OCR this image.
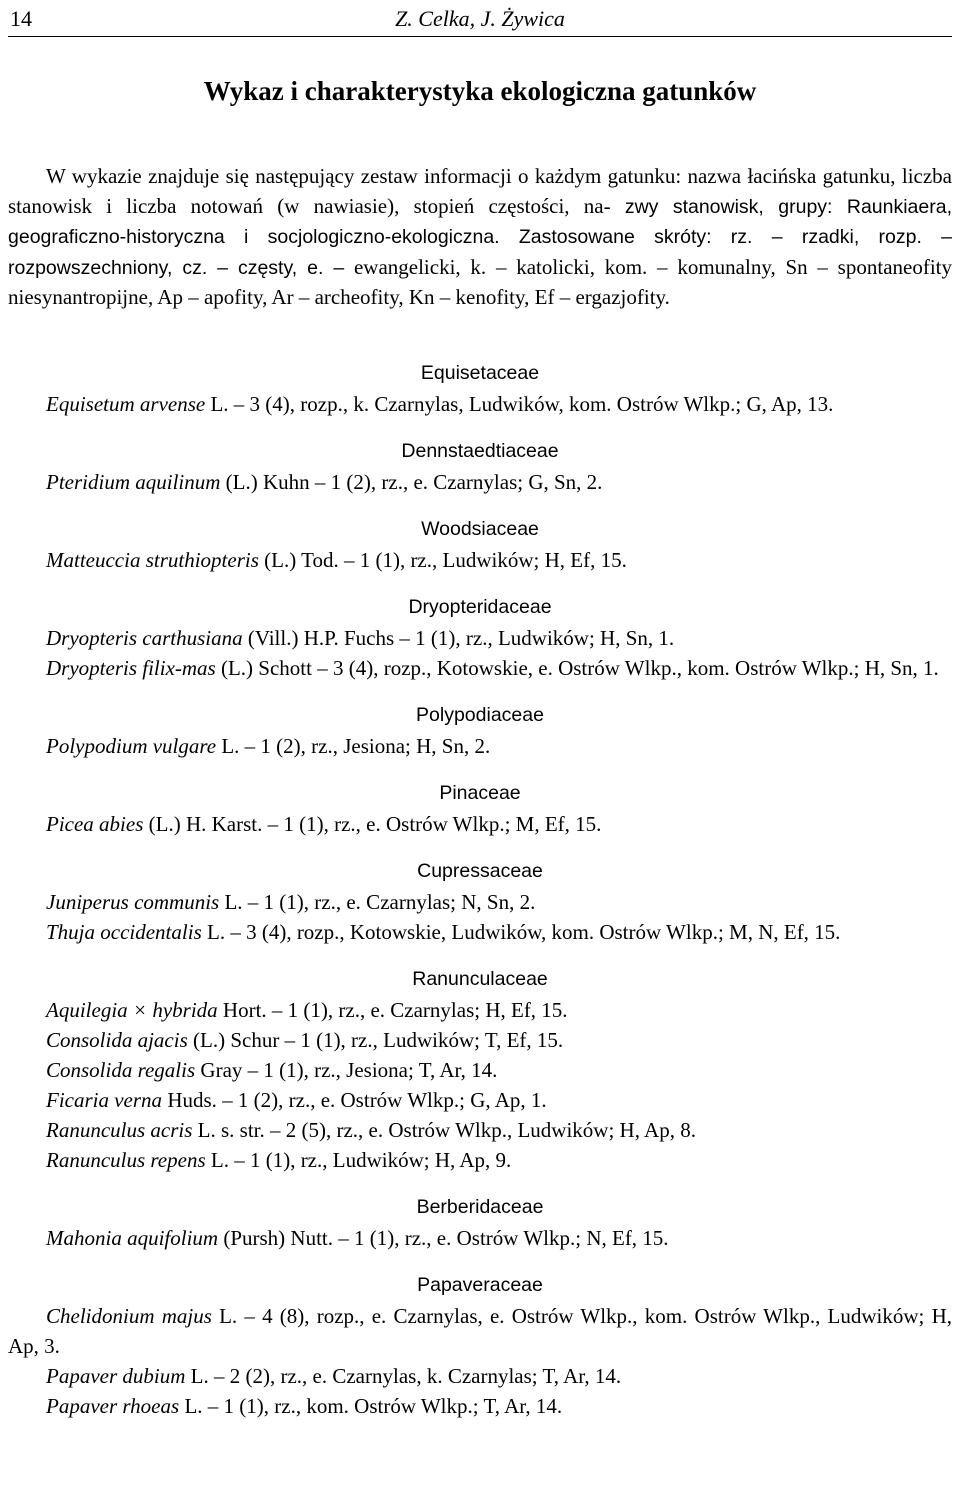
14	Z. Celka, J. Żywica
Wykaz i charakterystyka ekologiczna gatunków
W wykazie znajduje się następujący zestaw informacji o każdym gatunku: nazwa łacińska gatunku, liczba stanowisk i liczba notowań (w nawiasie), stopień częstości, na- zwy stanowisk, grupy: Raunkiaera, geograficzno-historyczna i socjologiczno-ekologiczna. Zastosowane skróty: rz. – rzadki, rozp. – rozpowszechniony, cz. – częsty, e. – ewangelicki, k. – katolicki, kom. – komunalny, Sn – spontaneofity niesynantropijne, Ap – apofity, Ar – archeofity, Kn – kenofity, Ef – ergazjofity.
Equisetaceae
Equisetum arvense L. – 3 (4), rozp., k. Czarnylas, Ludwików, kom. Ostrów Wlkp.; G, Ap, 13.
Dennstaedtiaceae
Pteridium aquilinum (L.) Kuhn – 1 (2), rz., e. Czarnylas; G, Sn, 2.
Woodsiaceae
Matteuccia struthiopteris (L.) Tod. – 1 (1), rz., Ludwików; H, Ef, 15.
Dryopteridaceae
Dryopteris carthusiana (Vill.) H.P. Fuchs – 1 (1), rz., Ludwików; H, Sn, 1.
Dryopteris filix-mas (L.) Schott – 3 (4), rozp., Kotowskie, e. Ostrów Wlkp., kom. Ostrów Wlkp.; H, Sn, 1.
Polypodiaceae
Polypodium vulgare L. – 1 (2), rz., Jesiona; H, Sn, 2.
Pinaceae
Picea abies (L.) H. Karst. – 1 (1), rz., e. Ostrów Wlkp.; M, Ef, 15.
Cupressaceae
Juniperus communis L. – 1 (1), rz., e. Czarnylas; N, Sn, 2.
Thuja occidentalis L. – 3 (4), rozp., Kotowskie, Ludwików, kom. Ostrów Wlkp.; M, N, Ef, 15.
Ranunculaceae
Aquilegia × hybrida Hort. – 1 (1), rz., e. Czarnylas; H, Ef, 15.
Consolida ajacis (L.) Schur – 1 (1), rz., Ludwików; T, Ef, 15.
Consolida regalis Gray – 1 (1), rz., Jesiona; T, Ar, 14.
Ficaria verna Huds. – 1 (2), rz., e. Ostrów Wlkp.; G, Ap, 1.
Ranunculus acris L. s. str. – 2 (5), rz., e. Ostrów Wlkp., Ludwików; H, Ap, 8.
Ranunculus repens L. – 1 (1), rz., Ludwików; H, Ap, 9.
Berberidaceae
Mahonia aquifolium (Pursh) Nutt. – 1 (1), rz., e. Ostrów Wlkp.; N, Ef, 15.
Papaveraceae
Chelidonium majus L. – 4 (8), rozp., e. Czarnylas, e. Ostrów Wlkp., kom. Ostrów Wlkp., Ludwików; H, Ap, 3.
Papaver dubium L. – 2 (2), rz., e. Czarnylas, k. Czarnylas; T, Ar, 14.
Papaver rhoeas L. – 1 (1), rz., kom. Ostrów Wlkp.; T, Ar, 14.
